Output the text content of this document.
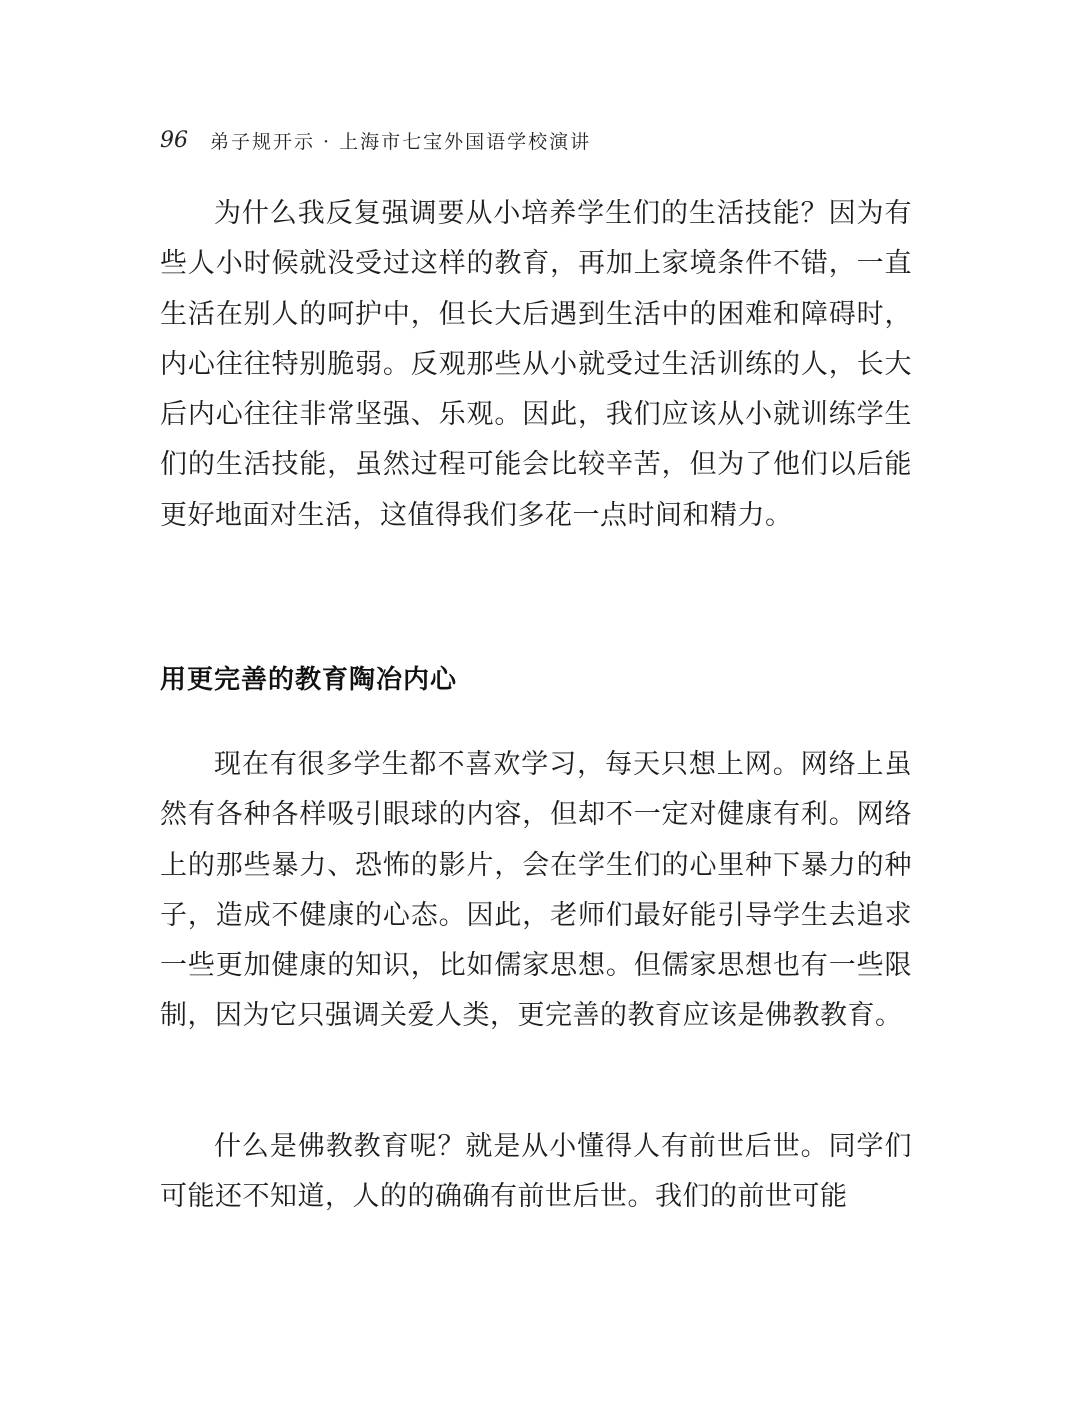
96 弟子规开示 · 上海市七宝外国语学校演讲

为什么我反复强调要从小培养学生们的生活技能？因为有些人小时候就没受过这样的教育，再加上家境条件不错，一直生活在别人的呵护中，但长大后遇到生活中的困难和障碍时，内心往往特别脆弱。反观那些从小就受过生活训练的人，长大后内心往往非常坚强、乐观。因此，我们应该从小就训练学生们的生活技能，虽然过程可能会比较辛苦，但为了他们以后能更好地面对生活，这值得我们多花一点时间和精力。

用更完善的教育陶冶内心

现在有很多学生都不喜欢学习，每天只想上网。网络上虽然有各种各样吸引眼球的内容，但却不一定对健康有利。网络上的那些暴力、恐怖的影片，会在学生们的心里种下暴力的种子，造成不健康的心态。因此，老师们最好能引导学生去追求一些更加健康的知识，比如儒家思想。但儒家思想也有一些限制，因为它只强调关爱人类，更完善的教育应该是佛教教育。

什么是佛教教育呢？就是从小懂得人有前世后世。同学们可能还不知道，人的的确确有前世后世。我们的前世可能
